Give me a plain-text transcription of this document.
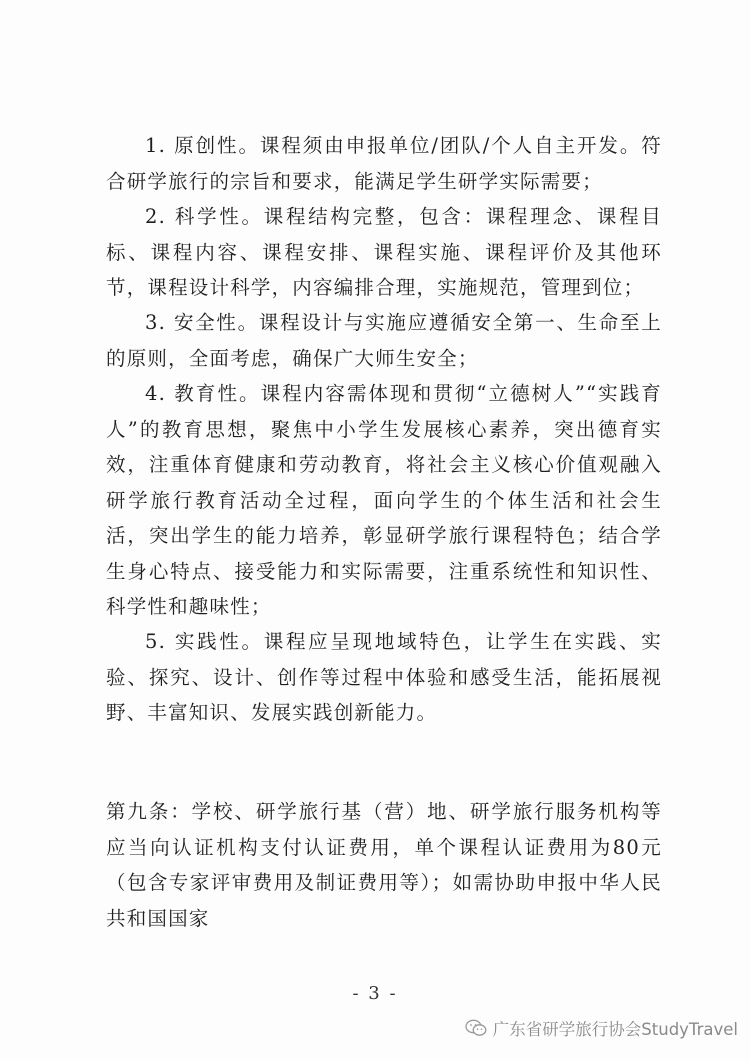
1. 原创性。课程须由申报单位/团队/个人自主开发。符合研学旅行的宗旨和要求，能满足学生研学实际需要；

2. 科学性。课程结构完整，包含：课程理念、课程目标、课程内容、课程安排、课程实施、课程评价及其他环节，课程设计科学，内容编排合理，实施规范，管理到位；

3. 安全性。课程设计与实施应遵循安全第一、生命至上的原则，全面考虑，确保广大师生安全；

4. 教育性。课程内容需体现和贯彻“立德树人”“实践育人”的教育思想，聚焦中小学生发展核心素养，突出德育实效，注重体育健康和劳动教育，将社会主义核心价值观融入研学旅行教育活动全过程，面向学生的个体生活和社会生活，突出学生的能力培养，彰显研学旅行课程特色；结合学生身心特点、接受能力和实际需要，注重系统性和知识性、科学性和趣味性；

5. 实践性。课程应呈现地域特色，让学生在实践、实验、探究、设计、创作等过程中体验和感受生活，能拓展视野、丰富知识、发展实践创新能力。

第九条：学校、研学旅行基（营）地、研学旅行服务机构等应当向认证机构支付认证费用，单个课程认证费用为80元（包含专家评审费用及制证费用等）；如需协助申报中华人民共和国国家

- 3 -
广东省研学旅行协会StudyTravel
